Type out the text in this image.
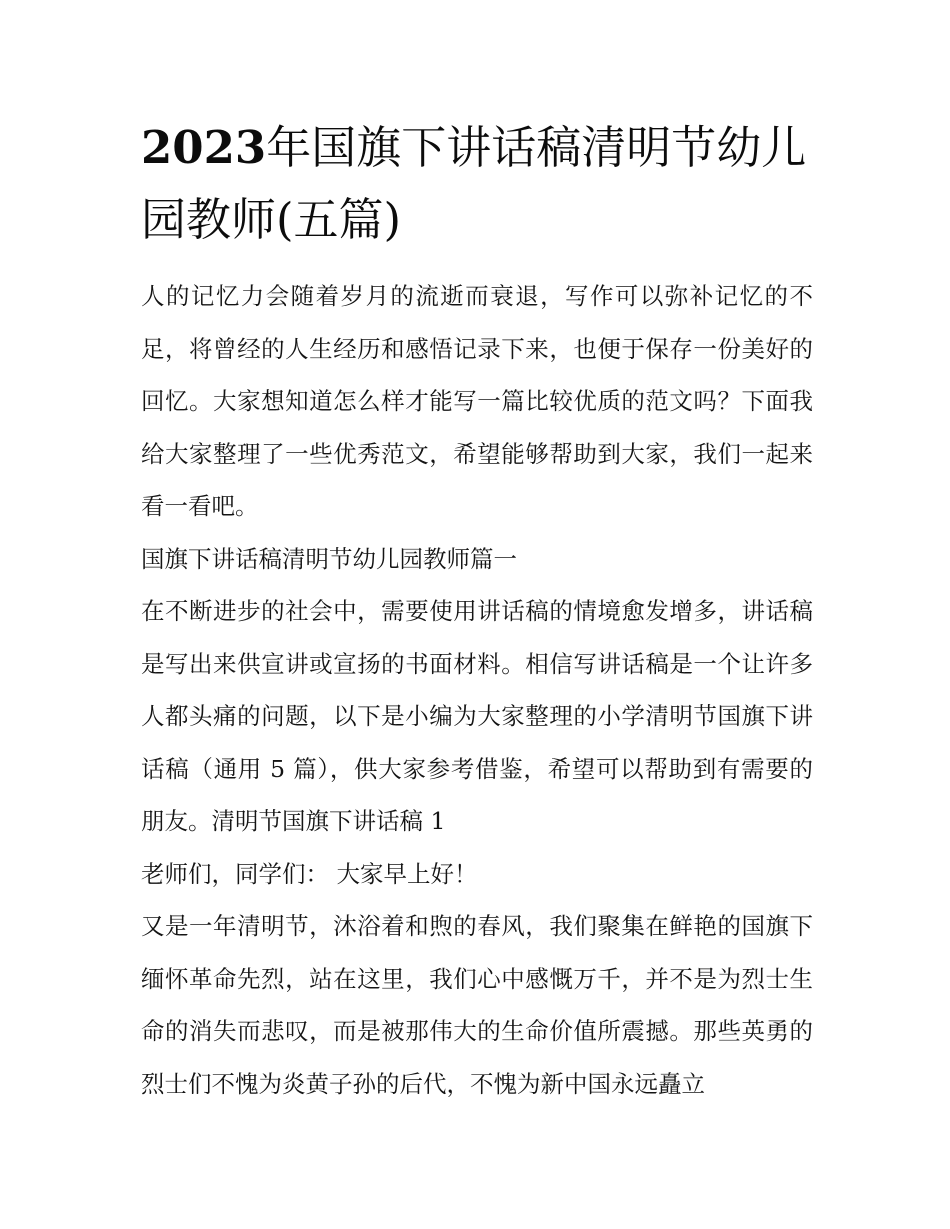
2023年国旗下讲话稿清明节幼儿园教师(五篇)

人的记忆力会随着岁月的流逝而衰退，写作可以弥补记忆的不足，将曾经的人生经历和感悟记录下来，也便于保存一份美好的回忆。大家想知道怎么样才能写一篇比较优质的范文吗？下面我给大家整理了一些优秀范文，希望能够帮助到大家，我们一起来看一看吧。

国旗下讲话稿清明节幼儿园教师篇一

在不断进步的社会中，需要使用讲话稿的情境愈发增多，讲话稿是写出来供宣讲或宣扬的书面材料。相信写讲话稿是一个让许多人都头痛的问题，以下是小编为大家整理的小学清明节国旗下讲话稿（通用 5 篇），供大家参考借鉴，希望可以帮助到有需要的朋友。清明节国旗下讲话稿 1

老师们，同学们： 大家早上好！

又是一年清明节，沐浴着和煦的春风，我们聚集在鲜艳的国旗下缅怀革命先烈，站在这里，我们心中感慨万千，并不是为烈士生命的消失而悲叹，而是被那伟大的生命价值所震撼。那些英勇的烈士们不愧为炎黄子孙的后代，不愧为新中国永远矗立
